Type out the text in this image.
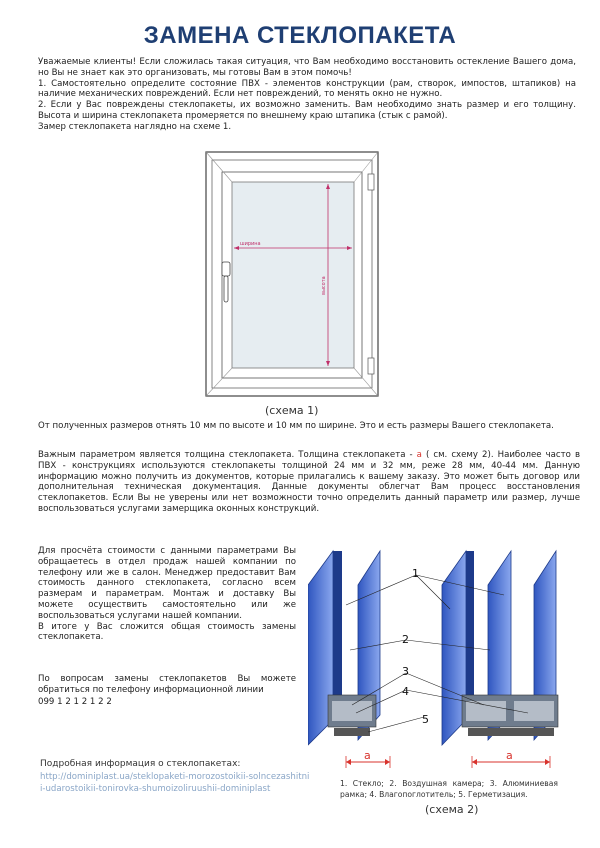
ЗАМЕНА СТЕКЛОПАКЕТА
Уважаемые клиенты! Если сложилась такая ситуация, что Вам необходимо восстановить остекление Вашего дома, но Вы не знает как это организовать, мы готовы Вам в этом помочь!
1. Самостоятельно определите состояние ПВХ - элементов конструкции (рам, створок, импостов, штапиков) на наличие механических повреждений. Если нет повреждений, то менять окно не нужно.
2. Если у Вас повреждены стеклопакеты, их возможно заменить. Вам необходимо знать размер и его толщину. Высота и ширина стеклопакета промеряется по внешнему краю штапика (стык с рамой).
Замер стеклопакета наглядно на схеме 1.
ширина
высота
(схема 1)
От полученных размеров отнять 10 мм по высоте и 10 мм по ширине. Это и есть размеры Вашего стеклопакета.
Важным параметром является толщина стеклопакета. Толщина стеклопакета - а ( см. схему 2). Наиболее часто в ПВХ - конструкциях используются стеклопакеты толщиной 24 мм и 32 мм, реже 28 мм, 40-44 мм. Данную информацию можно получить из документов, которые прилагались к вашему заказу. Это может быть договор или дополнительная техническая документация. Данные документы облегчат Вам процесс восстановления стеклопакетов. Если Вы не уверены или нет возможности точно определить данный параметр или размер, лучше воспользоваться услугами замерщика оконных конструкций.
Для просчёта стоимости с данными параметрами Вы обращаетесь в отдел продаж нашей компании по телефону или же в салон. Менеджер предоставит Вам стоимость данного стеклопакета, согласно всем размерам и параметрам. Монтаж и доставку Вы можете осуществить самостоятельно или же воспользоваться услугами нашей компании.
В итоге у Вас сложится общая стоимость замены стеклопакета.
По вопросам замены стеклопакетов Вы можете обратиться по телефону информационной линии
099 1 2 1 2 1 2 2
1
2
3
4
5
a	a
1. Стекло; 2. Воздушная камера; 3. Алюминиевая рамка; 4. Влагопоглотитель; 5. Герметизация.
(схема 2)
Подробная информация о стеклопакетах:
http://dominiplast.ua/steklopaketi-morozostoikii-solncezashitnii-udarostoikii-tonirovka-shumoizoliruushii-dominiplast
